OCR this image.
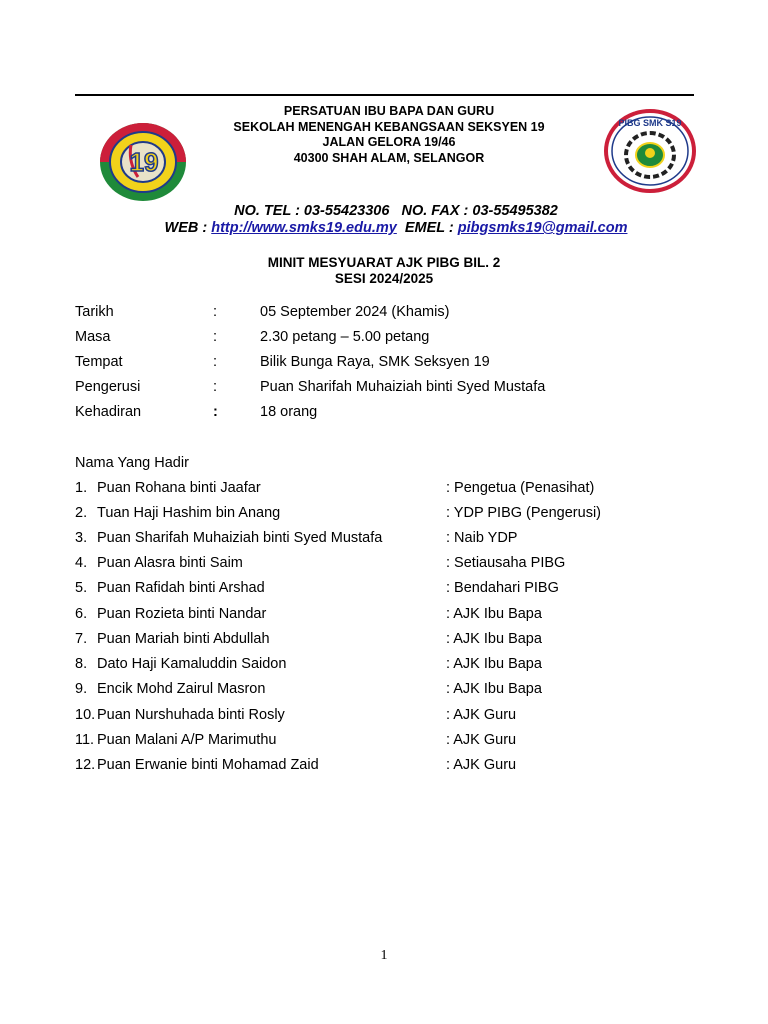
19
PIBG SMK S19
PERSATUAN IBU BAPA DAN GURU
SEKOLAH MENENGAH KEBANGSAAN SEKSYEN 19
JALAN GELORA 19/46
40300 SHAH ALAM, SELANGOR
NO. TEL : 03-55423306 NO. FAX : 03-55495382
WEB : http://www.smks19.edu.my EMEL : pibgsmks19@gmail.com
MINIT MESYUARAT AJK PIBG BIL. 2
SESI 2024/2025
Tarikh	:	05 September 2024 (Khamis)
Masa	:	2.30 petang – 5.00 petang
Tempat	:	Bilik Bunga Raya, SMK Seksyen 19
Pengerusi	:	Puan Sharifah Muhaiziah binti Syed Mustafa
Kehadiran	:	18 orang
Nama Yang Hadir
1. Puan Rohana binti Jaafar	: Pengetua (Penasihat)
2. Tuan Haji Hashim bin Anang	: YDP PIBG (Pengerusi)
3. Puan Sharifah Muhaiziah binti Syed Mustafa	: Naib YDP
4. Puan Alasra binti Saim	: Setiausaha PIBG
5. Puan Rafidah binti Arshad	: Bendahari PIBG
6. Puan Rozieta binti Nandar	: AJK Ibu Bapa
7. Puan Mariah binti Abdullah	: AJK Ibu Bapa
8. Dato Haji Kamaluddin Saidon	: AJK Ibu Bapa
9. Encik Mohd Zairul Masron	: AJK Ibu Bapa
10. Puan Nurshuhada binti Rosly	: AJK Guru
11. Puan Malani A/P Marimuthu	: AJK Guru
12. Puan Erwanie binti Mohamad Zaid	: AJK Guru
1
